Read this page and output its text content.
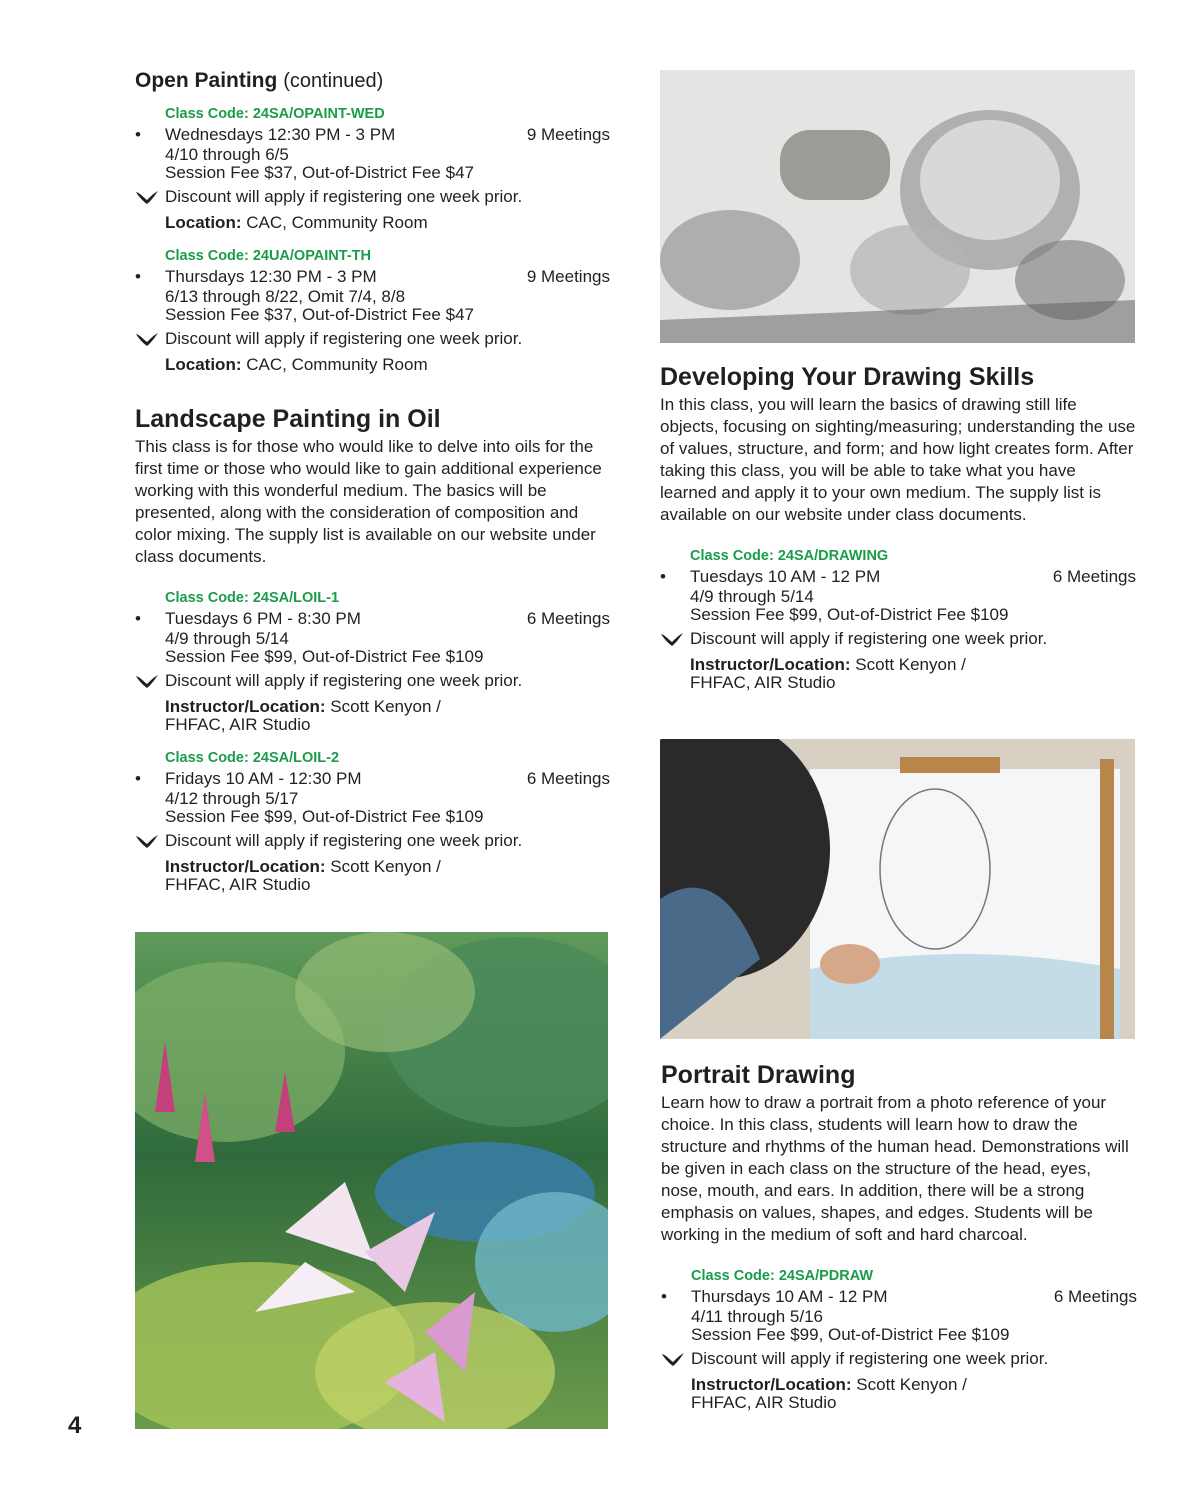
Open Painting (continued)
Class Code: 24SA/OPAINT-WED
•	Wednesdays 12:30 PM - 3 PM	9 Meetings
4/10 through 6/5
Session Fee $37, Out-of-District Fee $47
Discount will apply if registering one week prior.
Location: CAC, Community Room
Class Code: 24UA/OPAINT-TH
•	Thursdays 12:30 PM - 3 PM	9 Meetings
6/13 through 8/22, Omit 7/4, 8/8
Session Fee $37, Out-of-District Fee $47
Discount will apply if registering one week prior.
Location: CAC, Community Room
Landscape Painting in Oil

This class is for those who would like to delve into oils for the first time or those who would like to gain additional experience working with this wonderful medium. The basics will be presented, along with the consideration of composition and color mixing. The supply list is available on our website under class documents.

Class Code: 24SA/LOIL-1
•	Tuesdays 6 PM - 8:30 PM	6 Meetings
4/9 through 5/14
Session Fee $99, Out-of-District Fee $109
Discount will apply if registering one week prior.
Instructor/Location: Scott Kenyon /
FHFAC, AIR Studio
Class Code: 24SA/LOIL-2
•	Fridays 10 AM - 12:30 PM	6 Meetings
4/12 through 5/17
Session Fee $99, Out-of-District Fee $109
Discount will apply if registering one week prior.
Instructor/Location: Scott Kenyon /
FHFAC, AIR Studio
Developing Your Drawing Skills

In this class, you will learn the basics of drawing still life objects, focusing on sighting/measuring; understanding the use of values, structure, and form; and how light creates form. After taking this class, you will be able to take what you have learned and apply it to your own medium. The supply list is available on our website under class documents.

Class Code: 24SA/DRAWING
•	Tuesdays 10 AM - 12 PM	6 Meetings
4/9 through 5/14
Session Fee $99, Out-of-District Fee $109
Discount will apply if registering one week prior.
Instructor/Location: Scott Kenyon /
FHFAC, AIR Studio
Portrait Drawing

Learn how to draw a portrait from a photo reference of your choice. In this class, students will learn how to draw the structure and rhythms of the human head. Demonstrations will be given in each class on the structure of the head, eyes, nose, mouth, and ears. In addition, there will be a strong emphasis on values, shapes, and edges. Students will be working in the medium of soft and hard charcoal.

Class Code: 24SA/PDRAW
•	Thursdays 10 AM - 12 PM	6 Meetings
4/11 through 5/16
Session Fee $99, Out-of-District Fee $109
Discount will apply if registering one week prior.
Instructor/Location: Scott Kenyon /
FHFAC, AIR Studio
4
